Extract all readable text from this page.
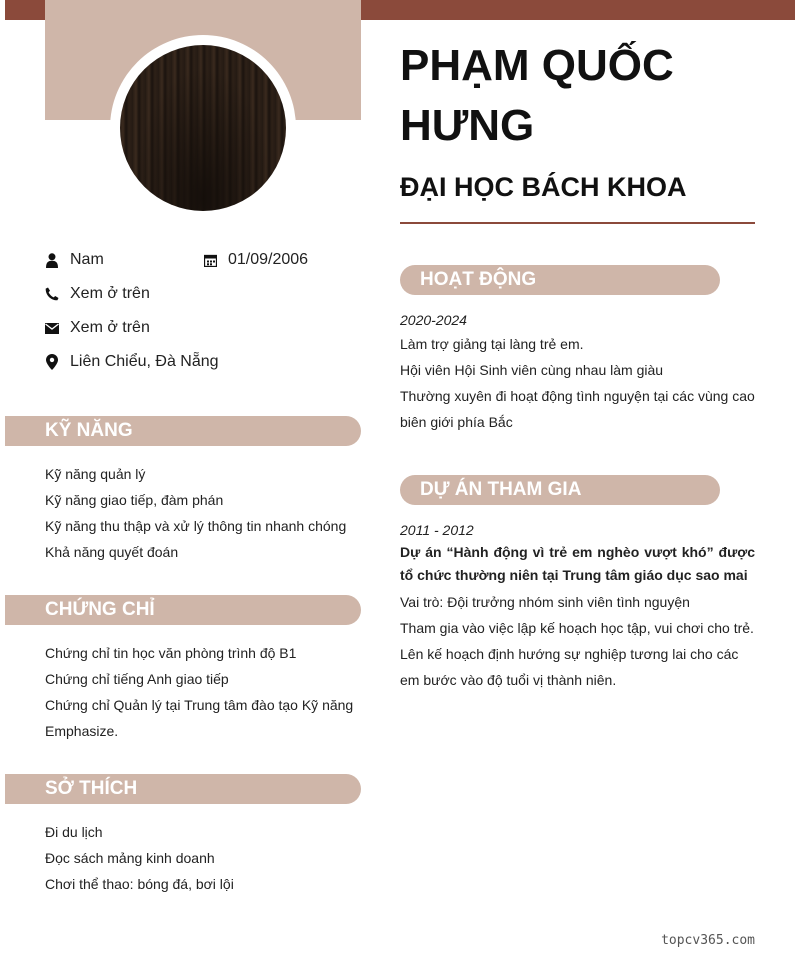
Nam	01/09/2006
Xem ở trên
Xem ở trên
Liên Chiểu, Đà Nẵng
KỸ NĂNG
Kỹ năng quản lý
Kỹ năng giao tiếp, đàm phán
Kỹ năng thu thập và xử lý thông tin nhanh chóng
Khả năng quyết đoán
CHỨNG CHỈ
Chứng chỉ tin học văn phòng trình độ B1
Chứng chỉ tiếng Anh giao tiếp
Chứng chỉ Quản lý tại Trung tâm đào tạo Kỹ năng Emphasize.
SỞ THÍCH
Đi du lịch
Đọc sách mảng kinh doanh
Chơi thể thao: bóng đá, bơi lội
PHẠM QUỐC HƯNG
ĐẠI HỌC BÁCH KHOA
HOẠT ĐỘNG
2020-2024
Làm trợ giảng tại làng trẻ em.
Hội viên Hội Sinh viên cùng nhau làm giàu
Thường xuyên đi hoạt động tình nguyện tại các vùng cao biên giới phía Bắc
DỰ ÁN THAM GIA
2011 - 2012
Dự án “Hành động vì trẻ em nghèo vượt khó” được tổ chức thường niên tại Trung tâm giáo dục sao mai
Vai trò: Đội trưởng nhóm sinh viên tình nguyện
Tham gia vào việc lập kế hoạch học tập, vui chơi cho trẻ.
Lên kế hoạch định hướng sự nghiệp tương lai cho các em bước vào độ tuổi vị thành niên.
topcv365.com
